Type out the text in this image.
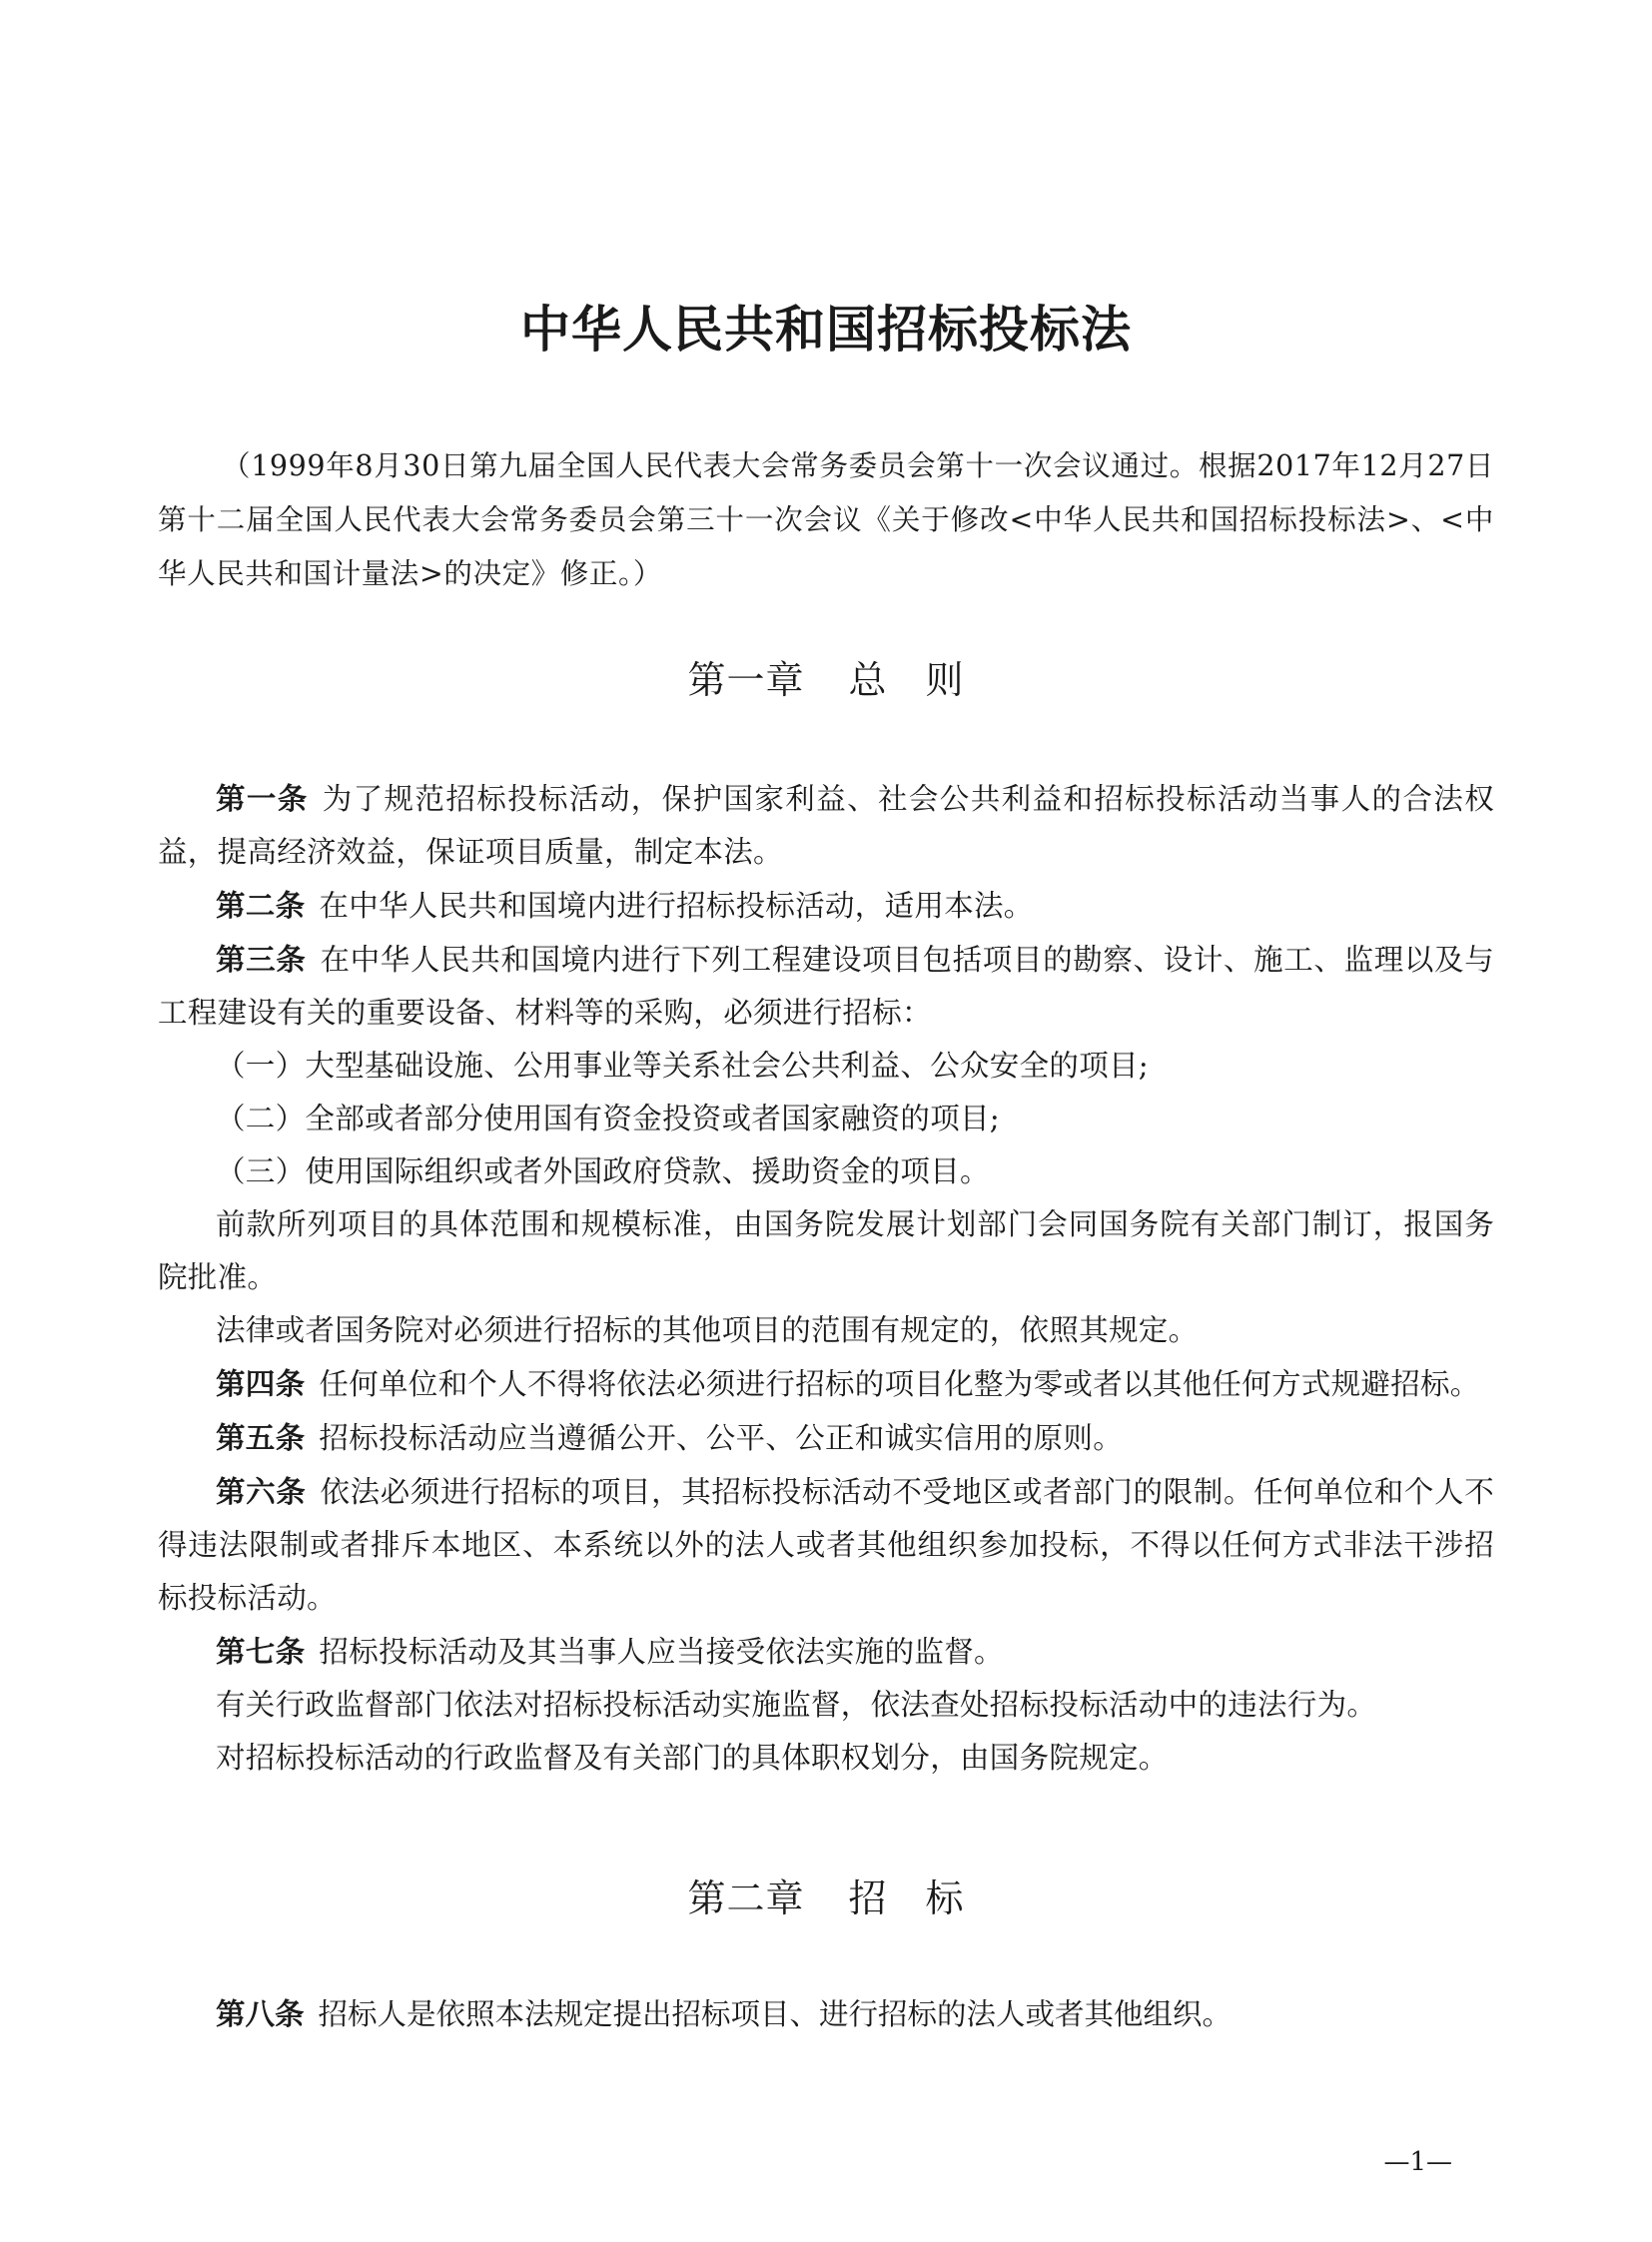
中华人民共和国招标投标法

（1999年8月30日第九届全国人民代表大会常务委员会第十一次会议通过。根据2017年12月27日第十二届全国人民代表大会常务委员会第三十一次会议《关于修改<中华人民共和国招标投标法>、<中华人民共和国计量法>的决定》修正。）

第一章 总 则

第一条 为了规范招标投标活动，保护国家利益、社会公共利益和招标投标活动当事人的合法权益，提高经济效益，保证项目质量，制定本法。

第二条 在中华人民共和国境内进行招标投标活动，适用本法。

第三条 在中华人民共和国境内进行下列工程建设项目包括项目的勘察、设计、施工、监理以及与工程建设有关的重要设备、材料等的采购，必须进行招标：

（一）大型基础设施、公用事业等关系社会公共利益、公众安全的项目;

（二）全部或者部分使用国有资金投资或者国家融资的项目;

（三）使用国际组织或者外国政府贷款、援助资金的项目。

前款所列项目的具体范围和规模标准，由国务院发展计划部门会同国务院有关部门制订，报国务院批准。

法律或者国务院对必须进行招标的其他项目的范围有规定的，依照其规定。

第四条 任何单位和个人不得将依法必须进行招标的项目化整为零或者以其他任何方式规避招标。

第五条 招标投标活动应当遵循公开、公平、公正和诚实信用的原则。

第六条 依法必须进行招标的项目，其招标投标活动不受地区或者部门的限制。任何单位和个人不得违法限制或者排斥本地区、本系统以外的法人或者其他组织参加投标，不得以任何方式非法干涉招标投标活动。

第七条 招标投标活动及其当事人应当接受依法实施的监督。

有关行政监督部门依法对招标投标活动实施监督，依法查处招标投标活动中的违法行为。

对招标投标活动的行政监督及有关部门的具体职权划分，由国务院规定。

第二章 招 标

第八条 招标人是依照本法规定提出招标项目、进行招标的法人或者其他组织。

—1—
